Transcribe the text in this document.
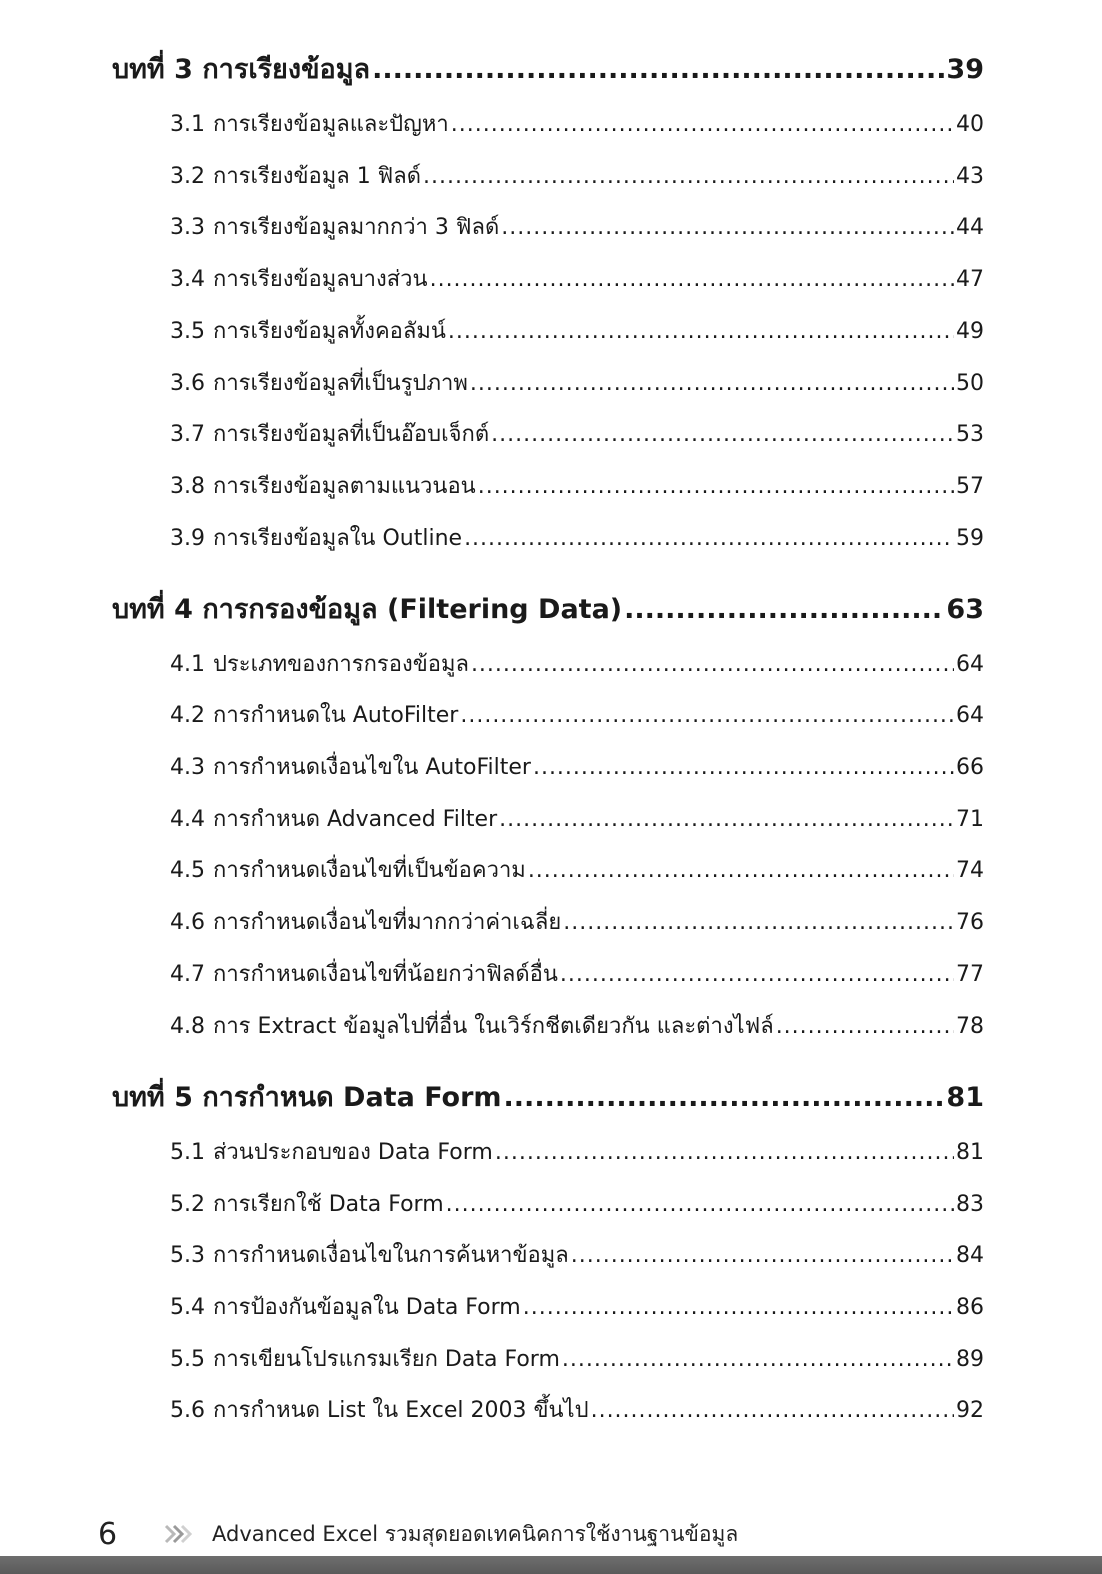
บทที่ 3 การเรียงข้อมูล .....	39
3.1 การเรียงข้อมูลและปัญหา .....	40
3.2 การเรียงข้อมูล 1 ฟิลด์ .....	43
3.3 การเรียงข้อมูลมากกว่า 3 ฟิลด์ .....	44
3.4 การเรียงข้อมูลบางส่วน .....	47
3.5 การเรียงข้อมูลทั้งคอลัมน์ .....	49
3.6 การเรียงข้อมูลที่เป็นรูปภาพ .....	50
3.7 การเรียงข้อมูลที่เป็นอ๊อบเจ็กต์ .....	53
3.8 การเรียงข้อมูลตามแนวนอน .....	57
3.9 การเรียงข้อมูลใน Outline .....	59
บทที่ 4 การกรองข้อมูล (Filtering Data) .....	63
4.1 ประเภทของการกรองข้อมูล .....	64
4.2 การกำหนดใน AutoFilter .....	64
4.3 การกำหนดเงื่อนไขใน AutoFilter .....	66
4.4 การกำหนด Advanced Filter .....	71
4.5 การกำหนดเงื่อนไขที่เป็นข้อความ .....	74
4.6 การกำหนดเงื่อนไขที่มากกว่าค่าเฉลี่ย .....	76
4.7 การกำหนดเงื่อนไขที่น้อยกว่าฟิลด์อื่น .....	77
4.8 การ Extract ข้อมูลไปที่อื่น ในเวิร์กชีตเดียวกัน และต่างไฟล์ .....	78
บทที่ 5 การกำหนด Data Form .....	81
5.1 ส่วนประกอบของ Data Form .....	81
5.2 การเรียกใช้ Data Form .....	83
5.3 การกำหนดเงื่อนไขในการค้นหาข้อมูล .....	84
5.4 การป้องกันข้อมูลใน Data Form .....	86
5.5 การเขียนโปรแกรมเรียก Data Form .....	89
5.6 การกำหนด List ใน Excel 2003 ขึ้นไป .....	92
6	Advanced Excel รวมสุดยอดเทคนิคการใช้งานฐานข้อมูล
